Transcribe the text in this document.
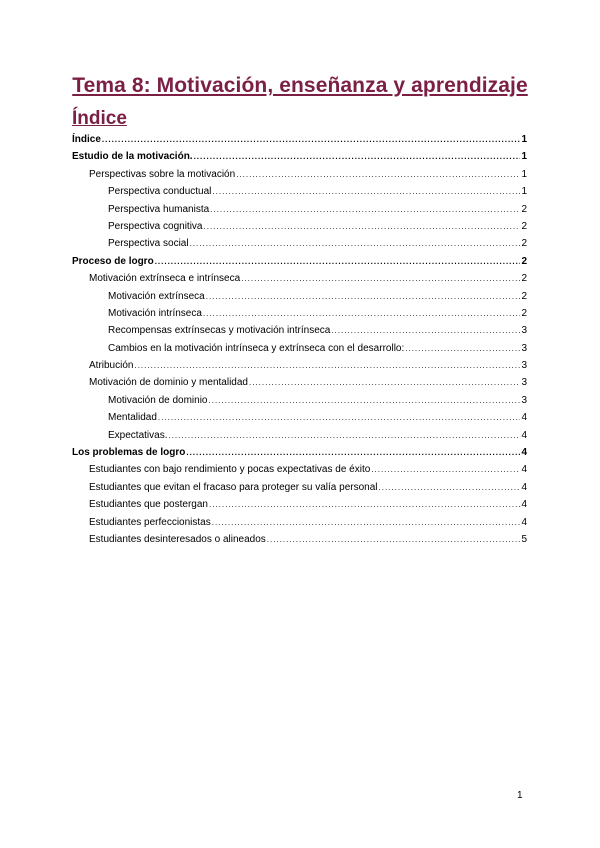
Tema 8: Motivación, enseñanza y aprendizaje
Índice
Índice .....	1
Estudio de la motivación. .....	1
Perspectivas sobre la motivación .....	1
Perspectiva conductual .....	1
Perspectiva humanista .....	2
Perspectiva cognitiva .....	2
Perspectiva social .....	2
Proceso de logro .....	2
Motivación extrínseca e intrínseca .....	2
Motivación extrínseca .....	2
Motivación intrínseca .....	2
Recompensas extrínsecas y motivación intrínseca .....	3
Cambios en la motivación intrínseca y extrínseca con el desarrollo: .....	3
Atribución .....	3
Motivación de dominio y mentalidad .....	3
Motivación de dominio .....	3
Mentalidad .....	4
Expectativas. .....	4
Los problemas de logro .....	4
Estudiantes con bajo rendimiento y pocas expectativas de éxito .....	4
Estudiantes que evitan el fracaso para proteger su valía personal .....	4
Estudiantes que postergan .....	4
Estudiantes perfeccionistas .....	4
Estudiantes desinteresados o alineados .....	5
1
